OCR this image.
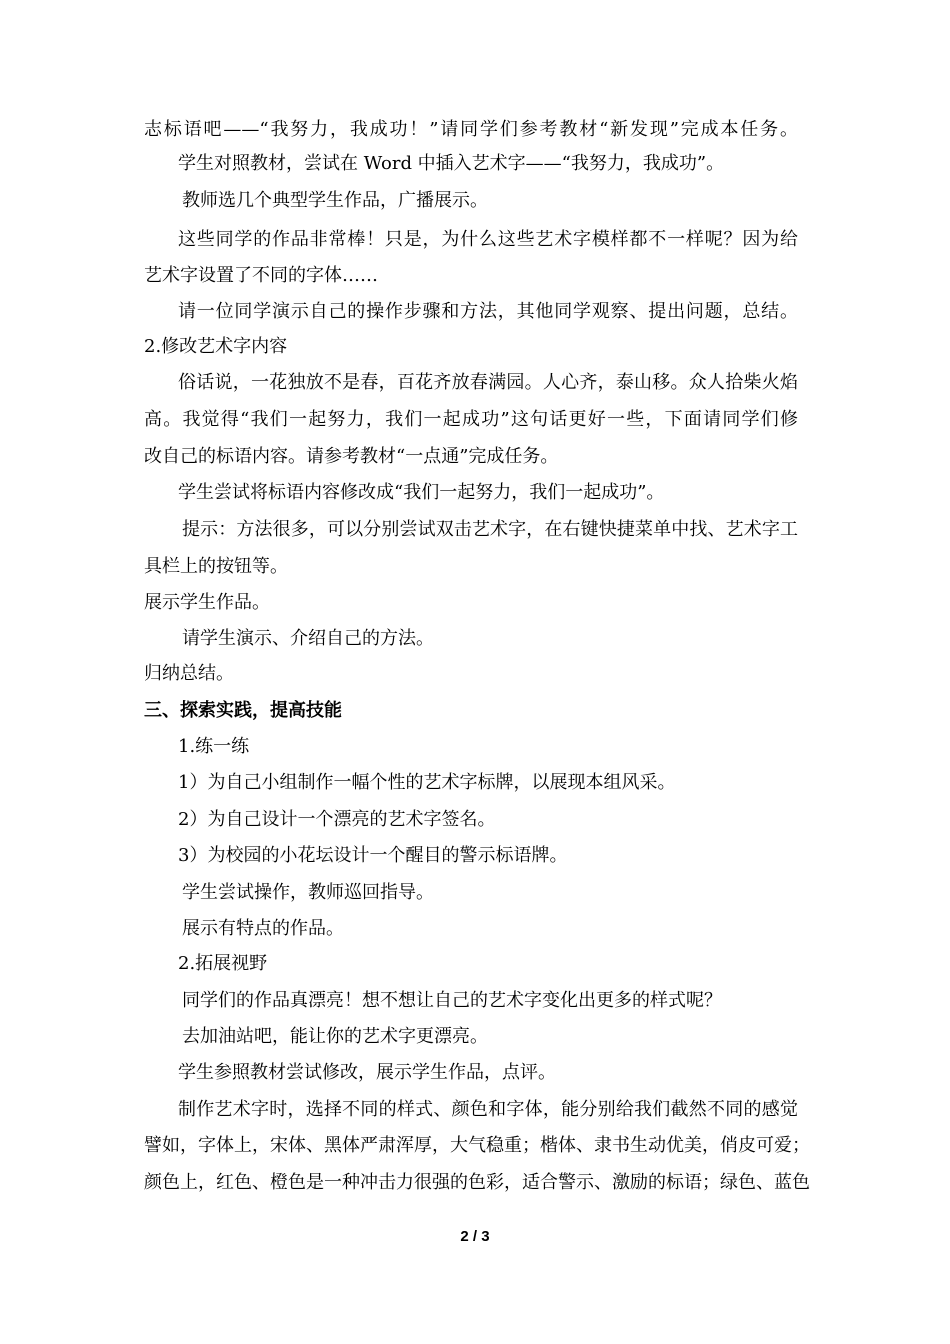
志标语吧——“我努力，我成功！”请同学们参考教材“新发现”完成本任务。
学生对照教材，尝试在 Word 中插入艺术字——“我努力，我成功”。
教师选几个典型学生作品，广播展示。
这些同学的作品非常棒！只是，为什么这些艺术字模样都不一样呢？因为给
艺术字设置了不同的字体……
请一位同学演示自己的操作步骤和方法，其他同学观察、提出问题，总结。
2.修改艺术字内容
俗话说，一花独放不是春，百花齐放春满园。人心齐，泰山移。众人拾柴火焰
高。我觉得“我们一起努力，我们一起成功”这句话更好一些，下面请同学们修
改自己的标语内容。请参考教材“一点通”完成任务。
学生尝试将标语内容修改成“我们一起努力，我们一起成功”。
提示：方法很多，可以分别尝试双击艺术字，在右键快捷菜单中找、艺术字工
具栏上的按钮等。
展示学生作品。
请学生演示、介绍自己的方法。
归纳总结。
三、探索实践，提高技能
1.练一练
1）为自己小组制作一幅个性的艺术字标牌，以展现本组风采。
2）为自己设计一个漂亮的艺术字签名。
3）为校园的小花坛设计一个醒目的警示标语牌。
学生尝试操作，教师巡回指导。
展示有特点的作品。
2.拓展视野
同学们的作品真漂亮！想不想让自己的艺术字变化出更多的样式呢？
去加油站吧，能让你的艺术字更漂亮。
学生参照教材尝试修改，展示学生作品，点评。
制作艺术字时，选择不同的样式、颜色和字体，能分别给我们截然不同的感觉
譬如，字体上，宋体、黑体严肃浑厚，大气稳重；楷体、隶书生动优美，俏皮可爱；
颜色上，红色、橙色是一种冲击力很强的色彩，适合警示、激励的标语；绿色、蓝色
2 / 3
